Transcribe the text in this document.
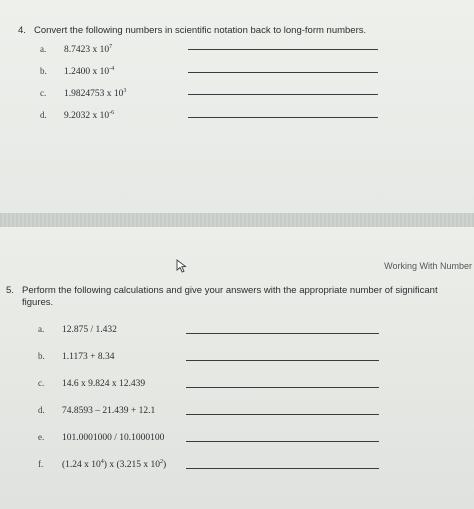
4. Convert the following numbers in scientific notation back to long-form numbers.
a. 8.7423 x $10^7$
b. 1.2400 x $10^{-4}$
c. 1.9824753 x $10^3$
d. 9.2032 x $10^{-6}$
Working With Number
5. Perform the following calculations and give your answers with the appropriate number of significant
figures.
a. 12.875 / 1.432
b. 1.1173 + 8.34
c. 14.6 x 9.824 x 12.439
d. 74.8593 – 21.439 + 12.1
e. 101.0001000 / 10.1000100
f. (1.24 x $10^4$) x (3.215 x $10^2$)
